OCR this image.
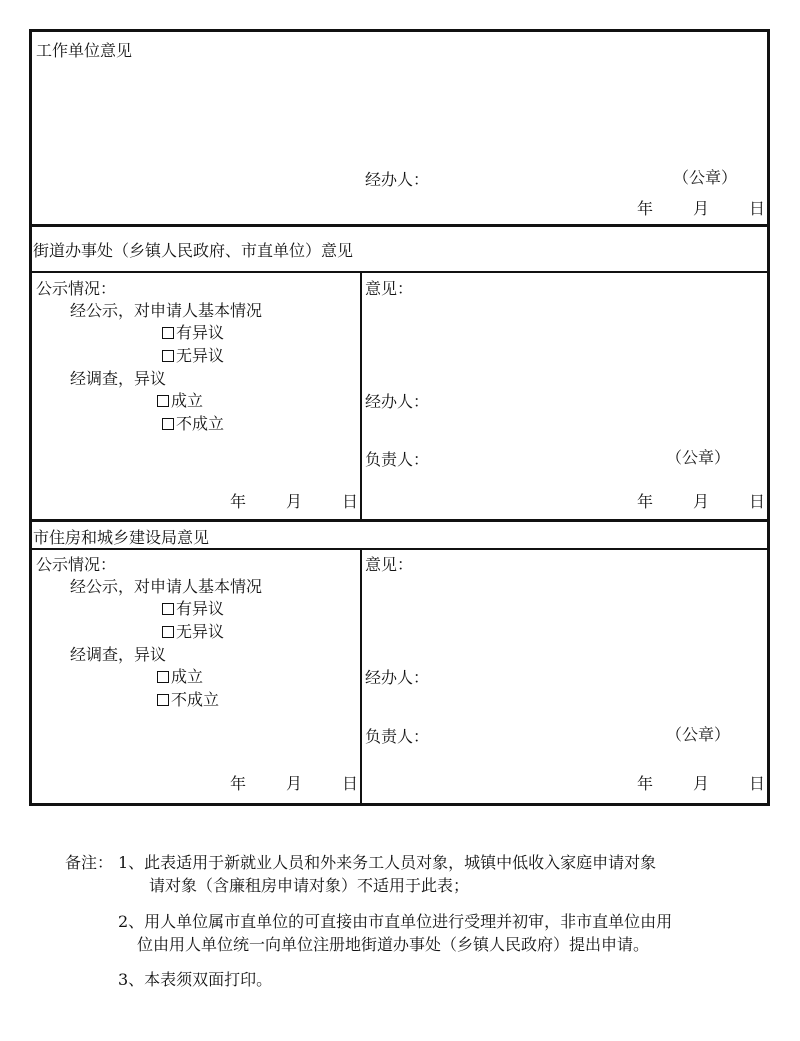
工作单位意见
经办人：	（公章）
年 月 日
街道办事处（乡镇人民政府、市直单位）意见
公示情况：
经公示，对申请人基本情况
有异议
无异议
经调查，异议
成立
不成立
年 月 日
意见：
经办人：
负责人：	（公章）
年 月 日
市住房和城乡建设局意见
公示情况：
经公示，对申请人基本情况
有异议
无异议
经调查，异议
成立
不成立
年 月 日
意见：
经办人：
负责人：	（公章）
年 月 日
备注： 1、此表适用于新就业人员和外来务工人员对象，城镇中低收入家庭申请对象
请对象（含廉租房申请对象）不适用于此表；
2、用人单位属市直单位的可直接由市直单位进行受理并初审，非市直单位由用
位由用人单位统一向单位注册地街道办事处（乡镇人民政府）提出申请。
3、本表须双面打印。
